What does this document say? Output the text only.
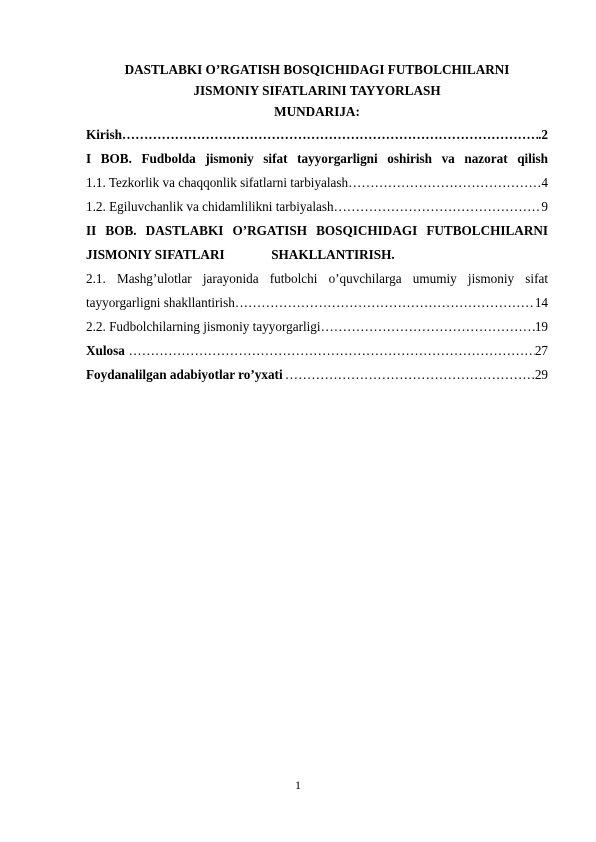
DASTLABKI O’RGATISH BOSQICHIDAGI FUTBOLCHILARNI
JISMONIY SIFATLARINI TAYYORLASH
MUNDARIJA:
Kirish ……………………………………………………………………………………………………………………………………	.2
I BOB. Fudbolda jismoniy sifat tayyorgarligni oshirish va nazorat qilish
1.1. Tezkorlik va chaqqonlik sifatlarni tarbiyalash ……………………………………………………………………………………………………………………………………	4
1.2. Egiluvchanlik va chidamlilikni tarbiyalash ……………………………………………………………………………………………………………………………………	9
II BOB. DASTLABKI O’RGATISH BOSQICHIDAGI FUTBOLCHILARNI
JISMONIY SIFATLARI	SHAKLLANTIRISH.
2.1. Mashg’ulotlar jarayonida futbolchi o’quvchilarga umumiy jismoniy sifat
tayyorgarligni shakllantirish ……………………………………………………………………………………………………………………………………	14
2.2. Fudbolchilarning jismoniy tayyorgarligi ……………………………………………………………………………………………………………………………………	19
Xulosa ……………………………………………………………………………………………………………………………………	27
Foydanalilgan adabiyotlar ro’yxati ……………………………………………………………………………………………………………………………………	29
1
